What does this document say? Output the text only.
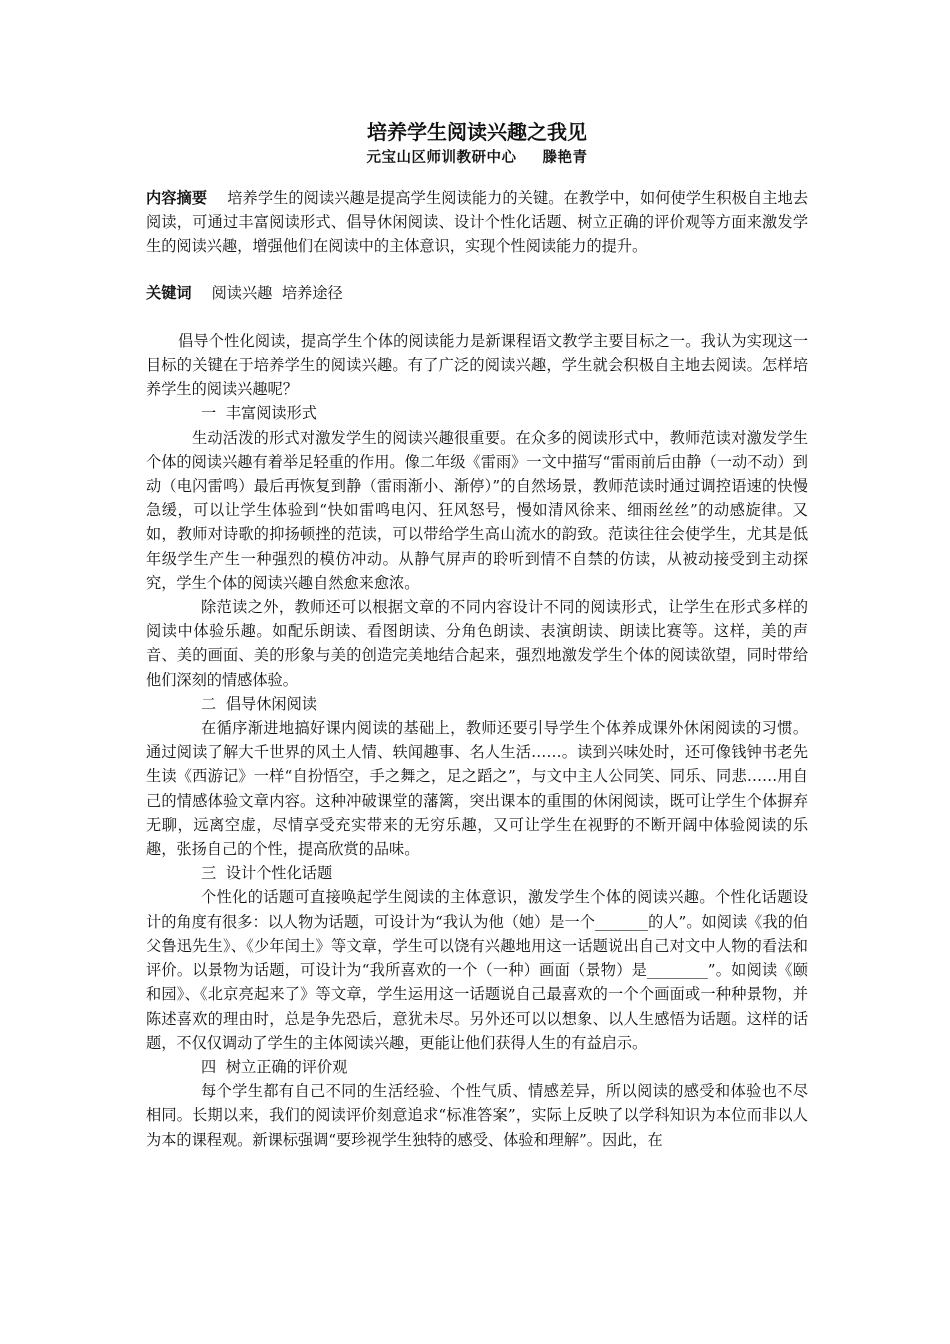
培养学生阅读兴趣之我见
元宝山区师训教研中心 滕艳青
内容摘要 培养学生的阅读兴趣是提高学生阅读能力的关键。在教学中，如何使学生积极自主地去阅读，可通过丰富阅读形式、倡导休闲阅读、设计个性化话题、树立正确的评价观等方面来激发学生的阅读兴趣，增强他们在阅读中的主体意识，实现个性阅读能力的提升。
关键词 阅读兴趣  培养途径

倡导个性化阅读，提高学生个体的阅读能力是新课程语文教学主要目标之一。我认为实现这一目标的关键在于培养学生的阅读兴趣。有了广泛的阅读兴趣，学生就会积极自主地去阅读。怎样培养学生的阅读兴趣呢？

一  丰富阅读形式

生动活泼的形式对激发学生的阅读兴趣很重要。在众多的阅读形式中，教师范读对激发学生个体的阅读兴趣有着举足轻重的作用。像二年级《雷雨》一文中描写“雷雨前后由静（一动不动）到动（电闪雷鸣）最后再恢复到静（雷雨渐小、渐停）”的自然场景，教师范读时通过调控语速的快慢急缓，可以让学生体验到“快如雷鸣电闪、狂风怒号，慢如清风徐来、细雨丝丝”的动感旋律。又如，教师对诗歌的抑扬顿挫的范读，可以带给学生高山流水的韵致。范读往往会使学生，尤其是低年级学生产生一种强烈的模仿冲动。从静气屏声的聆听到情不自禁的仿读，从被动接受到主动探究，学生个体的阅读兴趣自然愈来愈浓。

除范读之外，教师还可以根据文章的不同内容设计不同的阅读形式，让学生在形式多样的阅读中体验乐趣。如配乐朗读、看图朗读、分角色朗读、表演朗读、朗读比赛等。这样，美的声音、美的画面、美的形象与美的创造完美地结合起来，强烈地激发学生个体的阅读欲望，同时带给他们深刻的情感体验。

二  倡导休闲阅读

在循序渐进地搞好课内阅读的基础上，教师还要引导学生个体养成课外休闲阅读的习惯。通过阅读了解大千世界的风土人情、轶闻趣事、名人生活……。读到兴味处时，还可像钱钟书老先生读《西游记》一样“自扮悟空，手之舞之，足之蹈之”，与文中主人公同笑、同乐、同悲……用自己的情感体验文章内容。这种冲破课堂的藩篱，突出课本的重围的休闲阅读，既可让学生个体摒弃无聊，远离空虚，尽情享受充实带来的无穷乐趣，又可让学生在视野的不断开阔中体验阅读的乐趣，张扬自己的个性，提高欣赏的品味。

三  设计个性化话题

个性化的话题可直接唤起学生阅读的主体意识，激发学生个体的阅读兴趣。个性化话题设计的角度有很多：以人物为话题，可设计为“我认为他（她）是一个_______的人”。如阅读《我的伯父鲁迅先生》、《少年闰土》等文章，学生可以饶有兴趣地用这一话题说出自己对文中人物的看法和评价。以景物为话题，可设计为“我所喜欢的一个（一种）画面（景物）是________”。如阅读《颐和园》、《北京亮起来了》等文章，学生运用这一话题说自己最喜欢的一个个画面或一种种景物，并陈述喜欢的理由时，总是争先恐后，意犹未尽。另外还可以以想象、以人生感悟为话题。这样的话题，不仅仅调动了学生的主体阅读兴趣，更能让他们获得人生的有益启示。

四  树立正确的评价观

每个学生都有自己不同的生活经验、个性气质、情感差异，所以阅读的感受和体验也不尽相同。长期以来，我们的阅读评价刻意追求“标准答案”，实际上反映了以学科知识为本位而非以人为本的课程观。新课标强调“要珍视学生独特的感受、体验和理解”。因此，在
